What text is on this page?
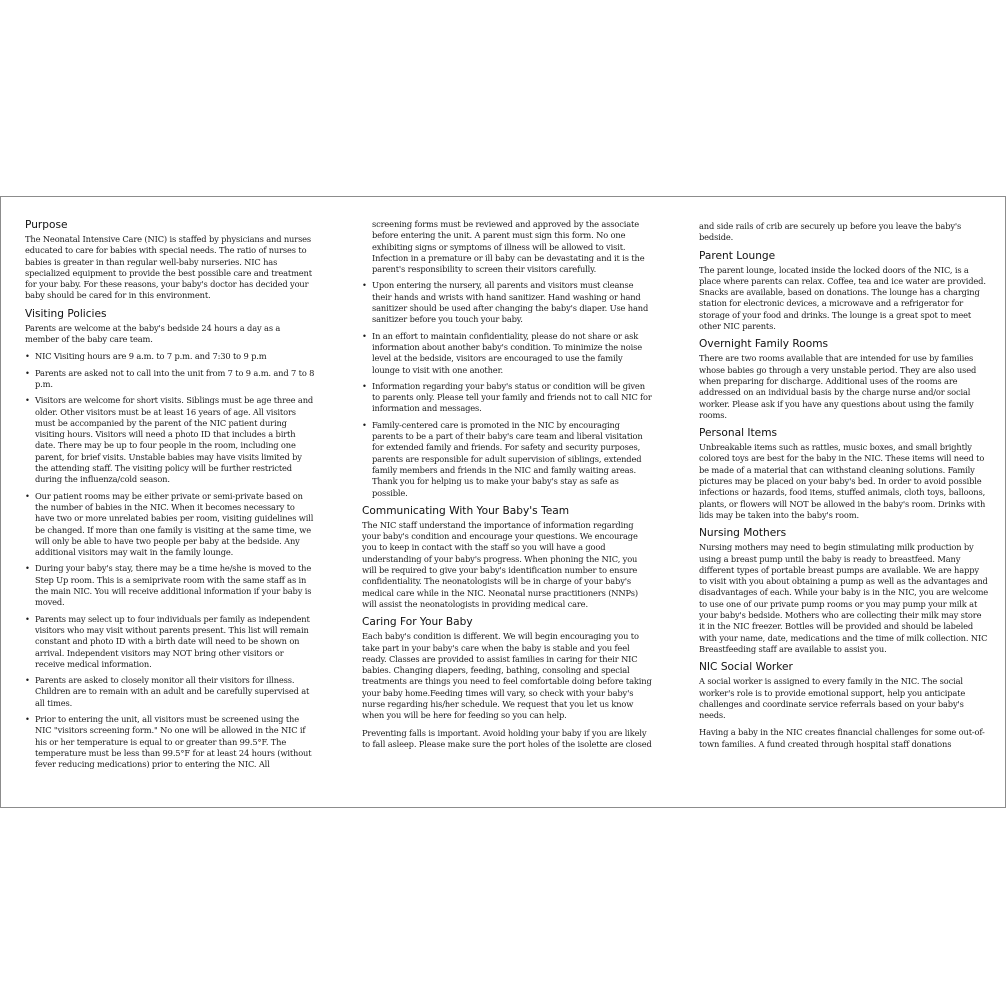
Purpose

The Neonatal Intensive Care (NIC) is staffed by physicians and nurses educated to care for babies with special needs. The ratio of nurses to babies is greater in than regular well-baby nurseries. NIC has specialized equipment to provide the best possible care and treatment for your baby. For these reasons, your baby's doctor has decided your baby should be cared for in this environment.

Visiting Policies

Parents are welcome at the baby's bedside 24 hours a day as a member of the baby care team.

• NIC Visiting hours are 9 a.m. to 7 p.m. and 7:30 to 9 p.m
• Parents are asked not to call into the unit from 7 to 9 a.m. and 7 to 8 p.m.
• Visitors are welcome for short visits. Siblings must be age three and older. Other visitors must be at least 16 years of age. All visitors must be accompanied by the parent of the NIC patient during visiting hours. Visitors will need a photo ID that includes a birth date. There may be up to four people in the room, including one parent, for brief visits. Unstable babies may have visits limited by the attending staff. The visiting policy will be further restricted during the influenza/cold season.
• Our patient rooms may be either private or semi-private based on the number of babies in the NIC. When it becomes necessary to have two or more unrelated babies per room, visiting guidelines will be changed. If more than one family is visiting at the same time, we will only be able to have two people per baby at the bedside. Any additional visitors may wait in the family lounge.
• During your baby's stay, there may be a time he/she is moved to the Step Up room. This is a semiprivate room with the same staff as in the main NIC. You will receive additional information if your baby is moved.
• Parents may select up to four individuals per family as independent visitors who may visit without parents present. This list will remain constant and photo ID with a birth date will need to be shown on arrival. Independent visitors may NOT bring other visitors or receive medical information.
• Parents are asked to closely monitor all their visitors for illness. Children are to remain with an adult and be carefully supervised at all times.
• Prior to entering the unit, all visitors must be screened using the NIC "visitors screening form." No one will be allowed in the NIC if his or her temperature is equal to or greater than 99.5°F. The temperature must be less than 99.5°F for at least 24 hours (without fever reducing medications) prior to entering the NIC. All
screening forms must be reviewed and approved by the associate before entering the unit. A parent must sign this form. No one exhibiting signs or symptoms of illness will be allowed to visit. Infection in a premature or ill baby can be devastating and it is the parent's responsibility to screen their visitors carefully.
• Upon entering the nursery, all parents and visitors must cleanse their hands and wrists with hand sanitizer. Hand washing or hand sanitizer should be used after changing the baby's diaper. Use hand sanitizer before you touch your baby.
• In an effort to maintain confidentiality, please do not share or ask information about another baby's condition. To minimize the noise level at the bedside, visitors are encouraged to use the family lounge to visit with one another.
• Information regarding your baby's status or condition will be given to parents only. Please tell your family and friends not to call NIC for information and messages.
• Family-centered care is promoted in the NIC by encouraging parents to be a part of their baby's care team and liberal visitation for extended family and friends. For safety and security purposes, parents are responsible for adult supervision of siblings, extended family members and friends in the NIC and family waiting areas. Thank you for helping us to make your baby's stay as safe as possible.
Communicating With Your Baby's Team

The NIC staff understand the importance of information regarding your baby's condition and encourage your questions. We encourage you to keep in contact with the staff so you will have a good understanding of your baby's progress. When phoning the NIC, you will be required to give your baby's identification number to ensure confidentiality. The neonatologists will be in charge of your baby's medical care while in the NIC. Neonatal nurse practitioners (NNPs) will assist the neonatologists in providing medical care.

Caring For Your Baby

Each baby's condition is different. We will begin encouraging you to take part in your baby's care when the baby is stable and you feel ready. Classes are provided to assist families in caring for their NIC babies. Changing diapers, feeding, bathing, consoling and special treatments are things you need to feel comfortable doing before taking your baby home.Feeding times will vary, so check with your baby's nurse regarding his/her schedule. We request that you let us know when you will be here for feeding so you can help.

Preventing falls is important. Avoid holding your baby if you are likely to fall asleep. Please make sure the port holes of the isolette are closed

and side rails of crib are securely up before you leave the baby's bedside.

Parent Lounge

The parent lounge, located inside the locked doors of the NIC, is a place where parents can relax. Coffee, tea and ice water are provided. Snacks are available, based on donations. The lounge has a charging station for electronic devices, a microwave and a refrigerator for storage of your food and drinks. The lounge is a great spot to meet other NIC parents.

Overnight Family Rooms

There are two rooms available that are intended for use by families whose babies go through a very unstable period. They are also used when preparing for discharge. Additional uses of the rooms are addressed on an individual basis by the charge nurse and/or social worker. Please ask if you have any questions about using the family rooms.

Personal Items

Unbreakable items such as rattles, music boxes, and small brightly colored toys are best for the baby in the NIC. These items will need to be made of a material that can withstand cleaning solutions. Family pictures may be placed on your baby's bed. In order to avoid possible infections or hazards, food items, stuffed animals, cloth toys, balloons, plants, or flowers will NOT be allowed in the baby's room. Drinks with lids may be taken into the baby's room.

Nursing Mothers

Nursing mothers may need to begin stimulating milk production by using a breast pump until the baby is ready to breastfeed. Many different types of portable breast pumps are available. We are happy to visit with you about obtaining a pump as well as the advantages and disadvantages of each. While your baby is in the NIC, you are welcome to use one of our private pump rooms or you may pump your milk at your baby's bedside. Mothers who are collecting their milk may store it in the NIC freezer. Bottles will be provided and should be labeled with your name, date, medications and the time of milk collection. NIC Breastfeeding staff are available to assist you.

NIC Social Worker

A social worker is assigned to every family in the NIC. The social worker's role is to provide emotional support, help you anticipate challenges and coordinate service referrals based on your baby's needs.

Having a baby in the NIC creates financial challenges for some out-of-town families. A fund created through hospital staff donations
